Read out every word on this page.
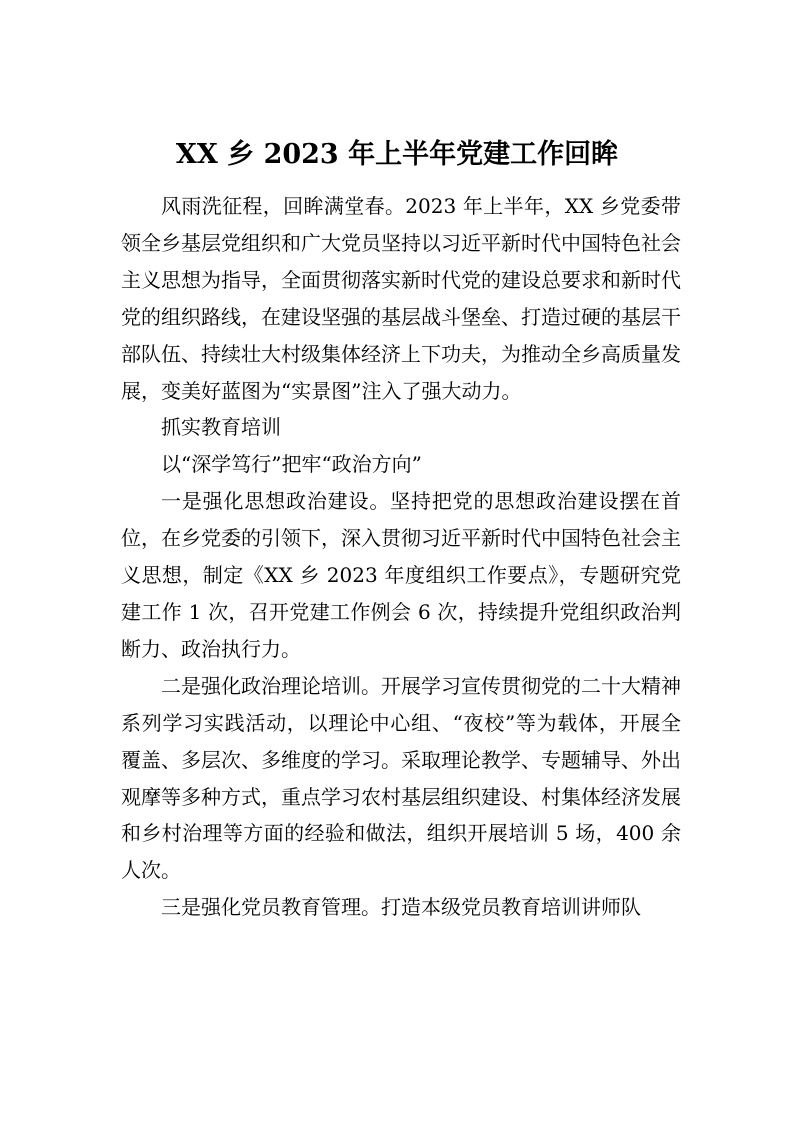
XX 乡 2023 年上半年党建工作回眸

风雨洗征程，回眸满堂春。2023 年上半年，XX 乡党委带领全乡基层党组织和广大党员坚持以习近平新时代中国特色社会主义思想为指导，全面贯彻落实新时代党的建设总要求和新时代党的组织路线，在建设坚强的基层战斗堡垒、打造过硬的基层干部队伍、持续壮大村级集体经济上下功夫，为推动全乡高质量发展，变美好蓝图为“实景图”注入了强大动力。

抓实教育培训

以“深学笃行”把牢“政治方向”

一是强化思想政治建设。坚持把党的思想政治建设摆在首位，在乡党委的引领下，深入贯彻习近平新时代中国特色社会主义思想，制定《XX 乡 2023 年度组织工作要点》，专题研究党建工作 1 次，召开党建工作例会 6 次，持续提升党组织政治判断力、政治执行力。

二是强化政治理论培训。开展学习宣传贯彻党的二十大精神系列学习实践活动，以理论中心组、“夜校”等为载体，开展全覆盖、多层次、多维度的学习。采取理论教学、专题辅导、外出观摩等多种方式，重点学习农村基层组织建设、村集体经济发展和乡村治理等方面的经验和做法，组织开展培训 5 场，400 余人次。

三是强化党员教育管理。打造本级党员教育培训讲师队
